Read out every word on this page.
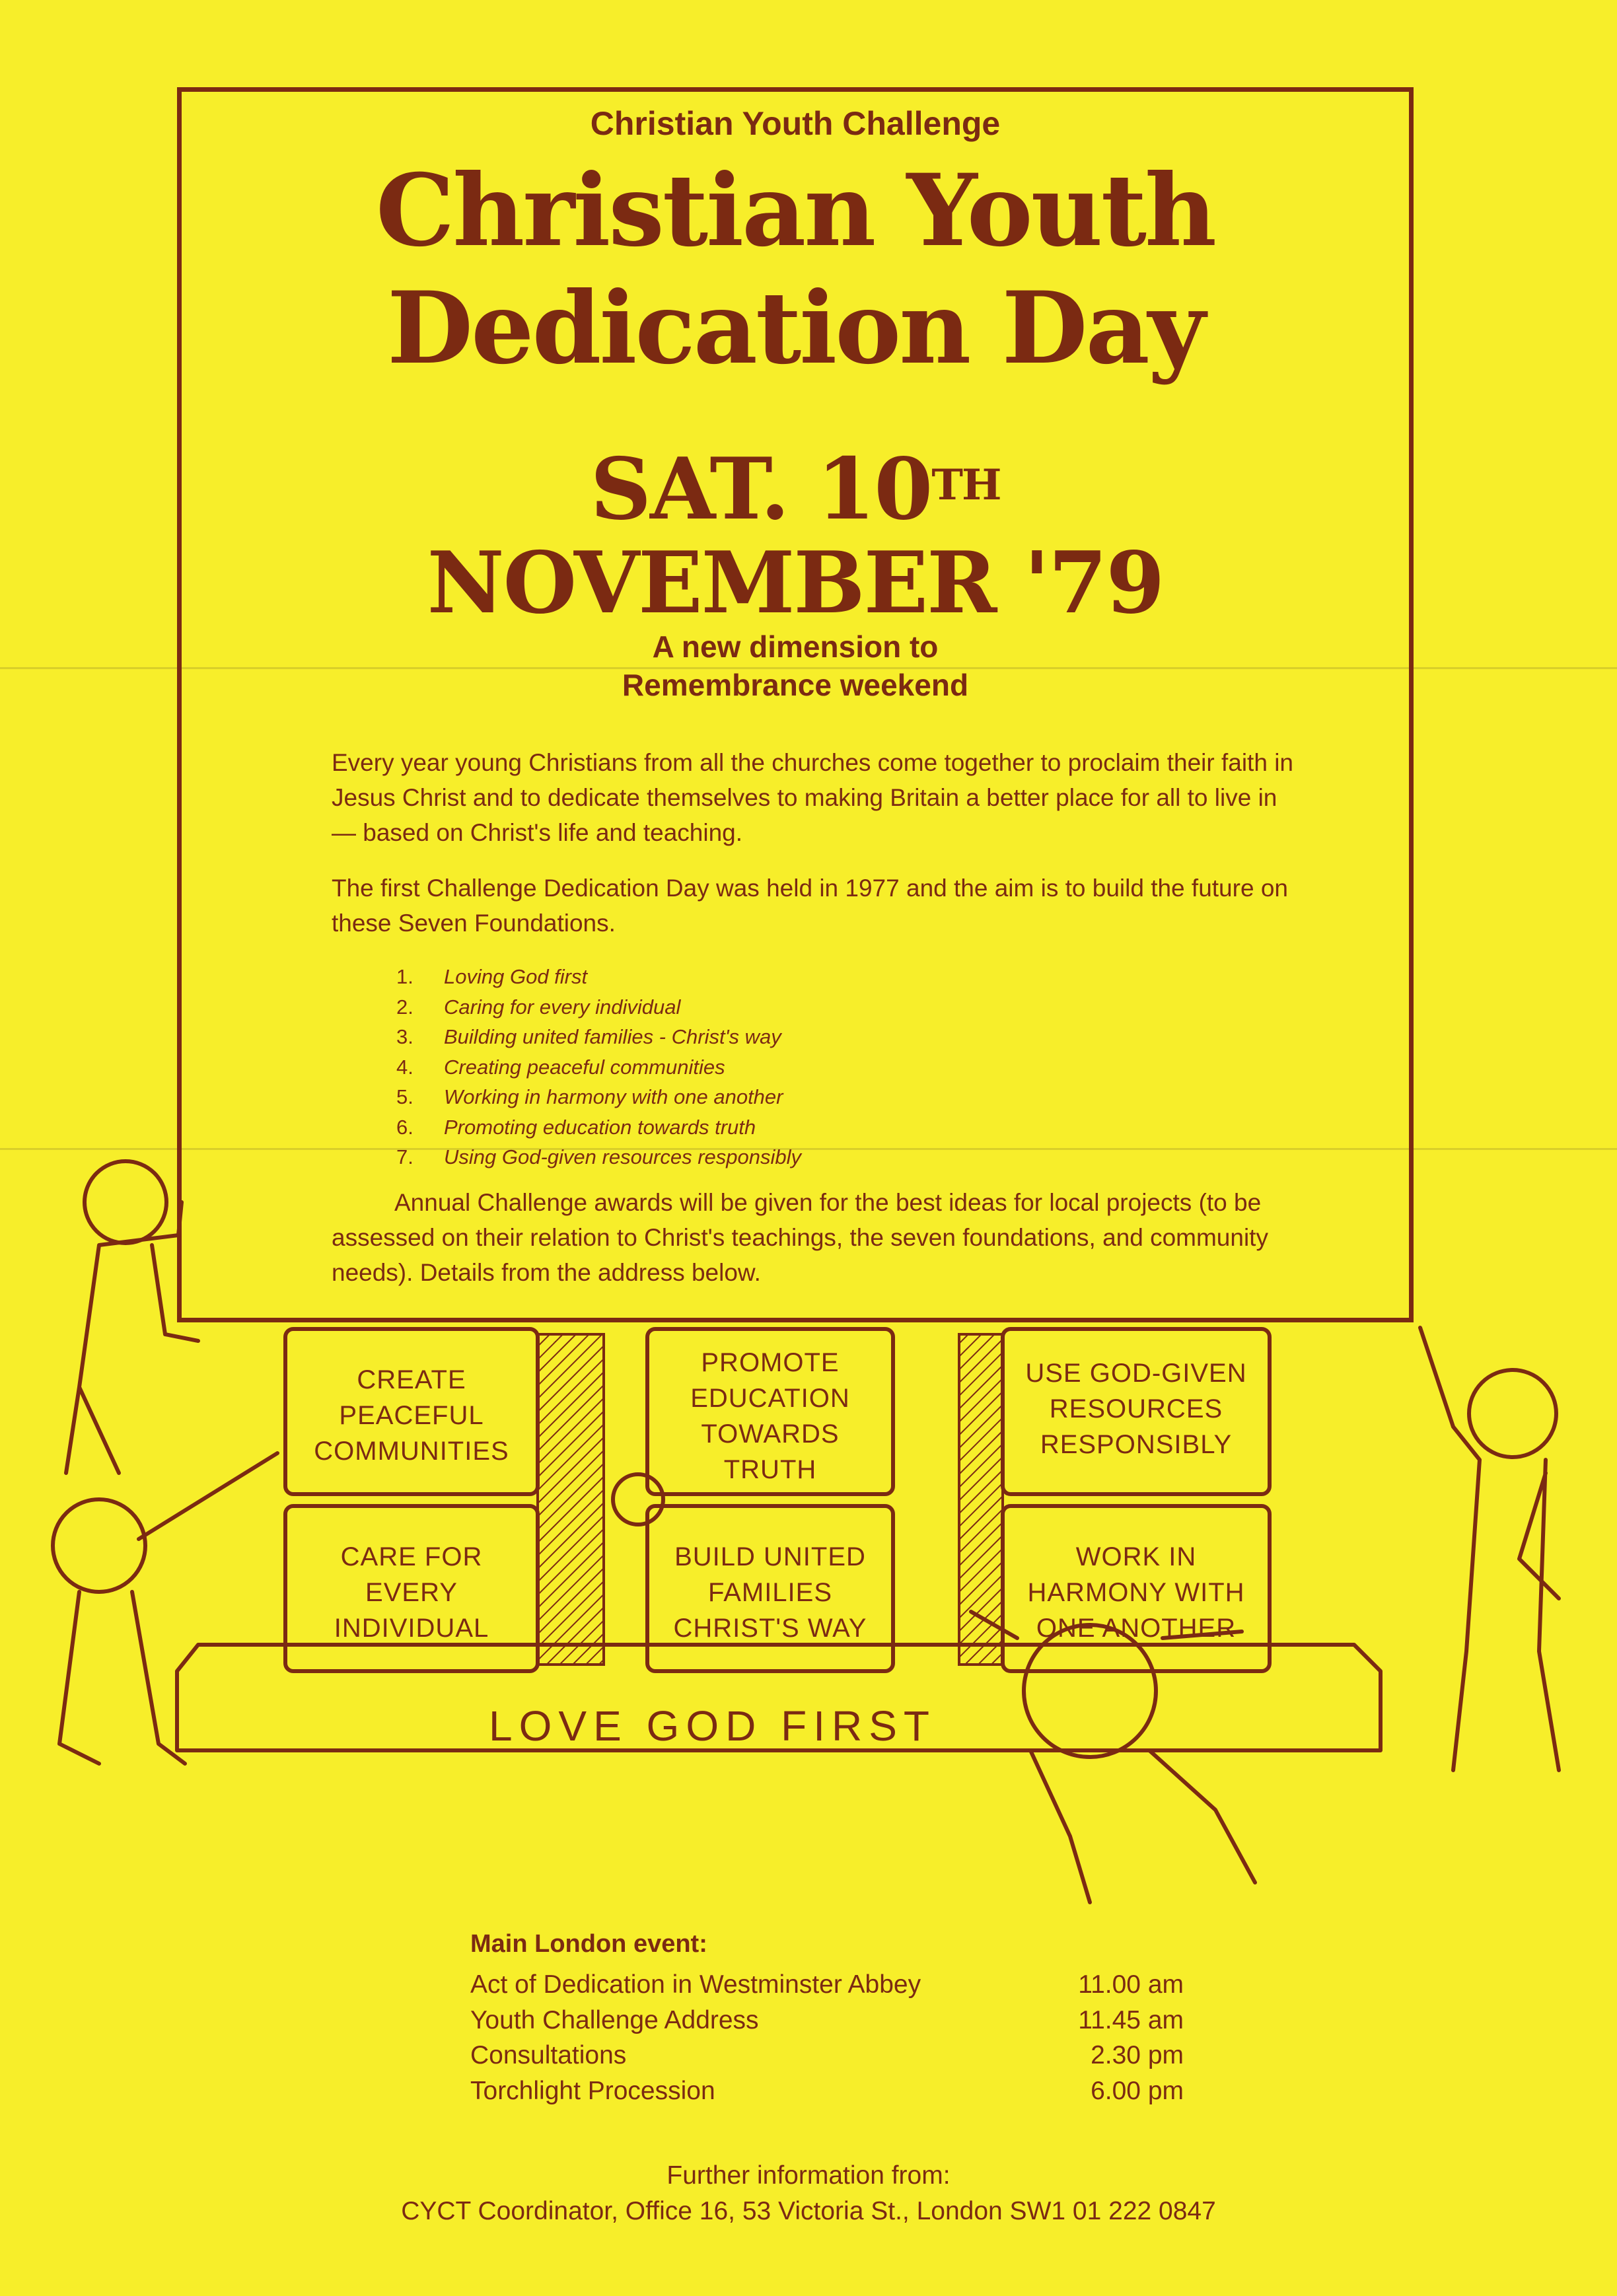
Christian Youth Challenge
Christian Youth
Dedication Day
SAT. 10TH
NOVEMBER '79
A new dimension to
Remembrance weekend
Every year young Christians from all the churches come together to proclaim their faith in Jesus Christ and to dedicate themselves to making Britain a better place for all to live in — based on Christ's life and teaching.
The first Challenge Dedication Day was held in 1977 and the aim is to build the future on these Seven Foundations.
1.	Loving God first
2.	Caring for every individual
3.	Building united families - Christ's way
4.	Creating peaceful communities
5.	Working in harmony with one another
6.	Promoting education towards truth
7.	Using God-given resources responsibly
Annual Challenge awards will be given for the best ideas for local projects (to be assessed on their relation to Christ's teachings, the seven foundations, and community needs). Details from the address below.
CREATE PEACEFUL COMMUNITIES
PROMOTE EDUCATION TOWARDS TRUTH
USE GOD-GIVEN RESOURCES RESPONSIBLY
CARE FOR EVERY INDIVIDUAL
BUILD UNITED FAMILIES CHRIST'S WAY
WORK IN HARMONY WITH ONE ANOTHER
LOVE GOD FIRST
Main London event:
Act of Dedication in Westminster Abbey	11.00 am
Youth Challenge Address	11.45 am
Consultations	2.30 pm
Torchlight Procession	6.00 pm
Further information from:
CYCT Coordinator, Office 16, 53 Victoria St., London SW1 01 222 0847
